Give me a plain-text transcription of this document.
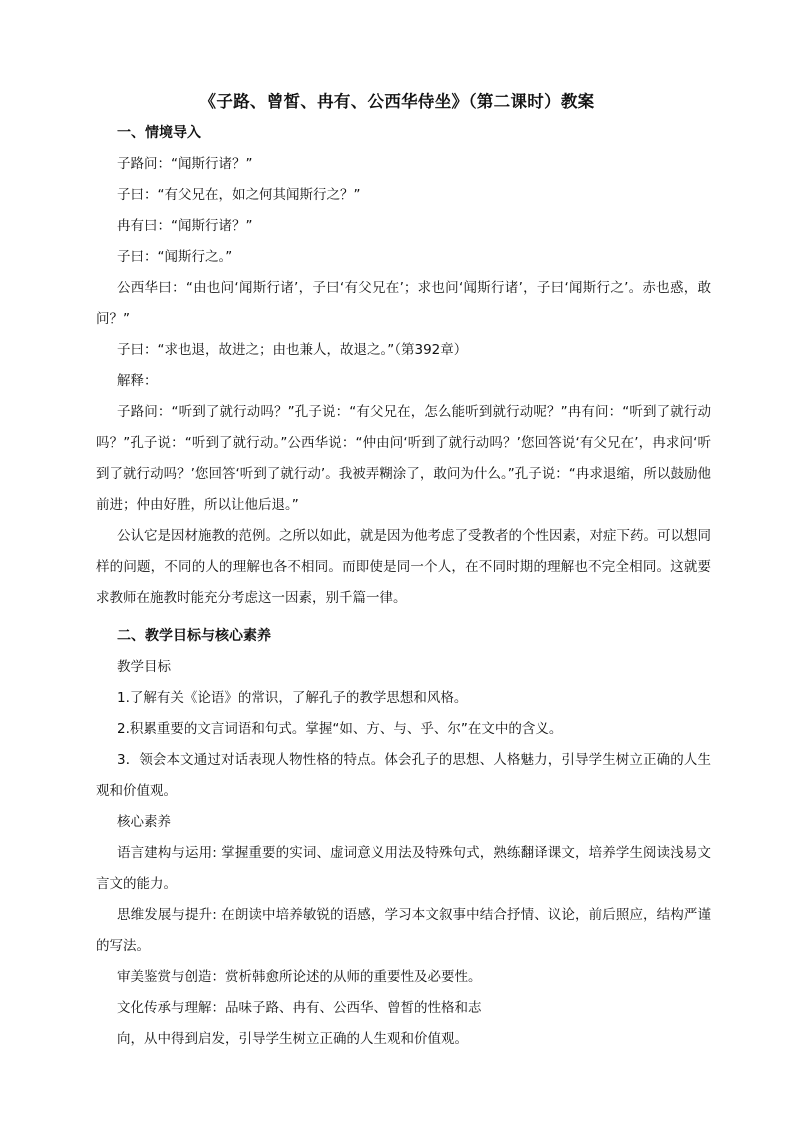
《子路、曾皙、冉有、公西华侍坐》（第二课时）教案
一、情境导入
子路问：“闻斯行诸？”
子曰：“有父兄在，如之何其闻斯行之？”
冉有曰：“闻斯行诸？”
子曰：“闻斯行之。”
公西华曰：“由也问‘闻斯行诸’，子曰‘有父兄在’；求也问‘闻斯行诸’，子曰‘闻斯行之’。赤也惑，敢问？”
子曰：“求也退，故进之；由也兼人，故退之。”（第392章）
解释：
子路问：“听到了就行动吗？”孔子说：“有父兄在，怎么能听到就行动呢？”冉有问：“听到了就行动吗？”孔子说：“听到了就行动。”公西华说：“仲由问‘听到了就行动吗？’您回答说‘有父兄在’，冉求问‘听到了就行动吗？’您回答‘听到了就行动’。我被弄糊涂了，敢问为什么。”孔子说：“冉求退缩，所以鼓励他前进；仲由好胜，所以让他后退。”
公认它是因材施教的范例。之所以如此，就是因为他考虑了受教者的个性因素，对症下药。可以想同样的问题，不同的人的理解也各不相同。而即使是同一个人，在不同时期的理解也不完全相同。这就要求教师在施教时能充分考虑这一因素，别千篇一律。
二、教学目标与核心素养
教学目标
1.了解有关《论语》的常识，了解孔子的教学思想和风格。
2.积累重要的文言词语和句式。掌握“如、方、与、乎、尔”在文中的含义。
3．领会本文通过对话表现人物性格的特点。体会孔子的思想、人格魅力，引导学生树立正确的人生观和价值观。
核心素养
语言建构与运用: 掌握重要的实词、虚词意义用法及特殊句式，熟练翻译课文，培养学生阅读浅易文言文的能力。
思维发展与提升: 在朗读中培养敏锐的语感，学习本文叙事中结合抒情、议论，前后照应，结构严谨的写法。
审美鉴赏与创造：赏析韩愈所论述的从师的重要性及必要性。
文化传承与理解：品味子路、冉有、公西华、曾皙的性格和志
向，从中得到启发，引导学生树立正确的人生观和价值观。
